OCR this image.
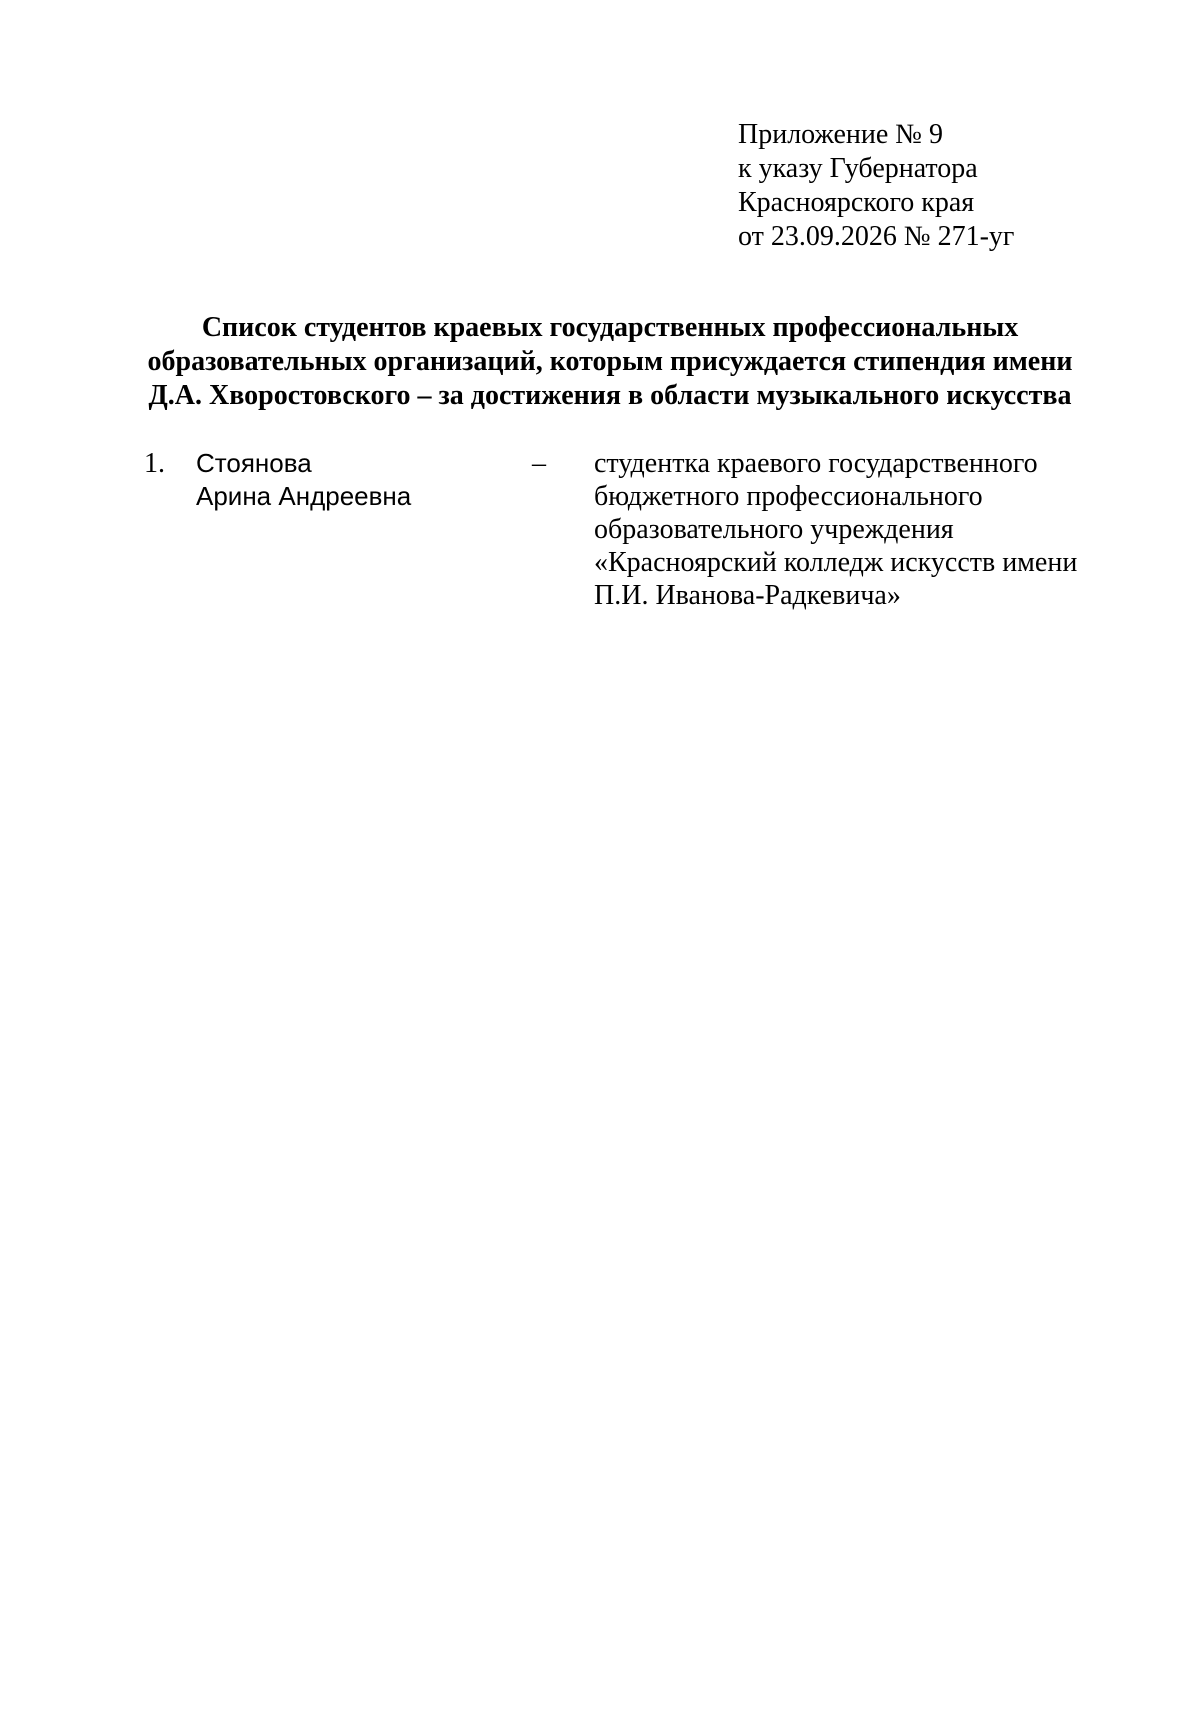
Приложение № 9
к указу Губернатора
Красноярского края
от 23.09.2026 № 271-уг
Список студентов краевых государственных профессиональных
образовательных организаций, которым присуждается стипендия имени
Д.А. Хворостовского – за достижения в области музыкального искусства
1. Стоянова
Арина Андреевна
– студентка краевого государственного
бюджетного профессионального
образовательного учреждения
«Красноярский колледж искусств имени
П.И. Иванова-Радкевича»
